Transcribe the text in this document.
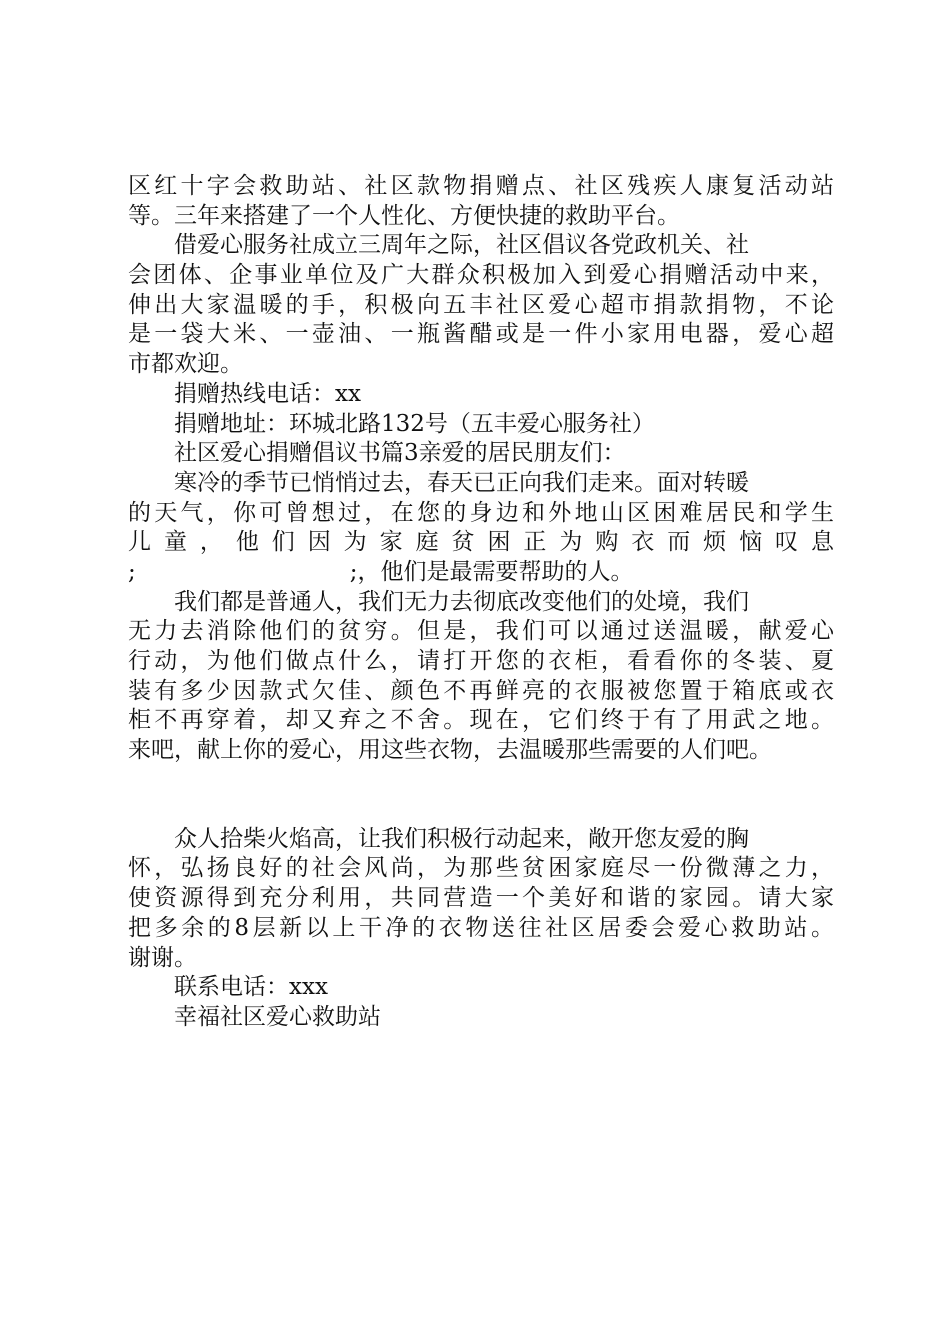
区红十字会救助站、社区款物捐赠点、社区残疾人康复活动站
等。三年来搭建了一个人性化、方便快捷的救助平台。
借爱心服务社成立三周年之际，社区倡议各党政机关、社
会团体、企事业单位及广大群众积极加入到爱心捐赠活动中来，
伸出大家温暖的手，积极向五丰社区爱心超市捐款捐物，不论
是一袋大米、一壶油、一瓶酱醋或是一件小家用电器，爱心超
市都欢迎。
捐赠热线电话：xx
捐赠地址：环城北路132号（五丰爱心服务社）
社区爱心捐赠倡议书篇3亲爱的居民朋友们：
寒冷的季节已悄悄过去，春天已正向我们走来。面对转暖
的天气，你可曾想过，在您的身边和外地山区困难居民和学生
儿童，他们因为家庭贫困正为购衣而烦恼叹息
;	;，他们是最需要帮助的人。
我们都是普通人，我们无力去彻底改变他们的处境，我们
无力去消除他们的贫穷。但是，我们可以通过送温暖，献爱心
行动，为他们做点什么，请打开您的衣柜，看看你的冬装、夏
装有多少因款式欠佳、颜色不再鲜亮的衣服被您置于箱底或衣
柜不再穿着，却又弃之不舍。现在，它们终于有了用武之地。
来吧，献上你的爱心，用这些衣物，去温暖那些需要的人们吧。
众人拾柴火焰高，让我们积极行动起来，敞开您友爱的胸
怀，弘扬良好的社会风尚，为那些贫困家庭尽一份微薄之力，
使资源得到充分利用，共同营造一个美好和谐的家园。请大家
把多余的8层新以上干净的衣物送往社区居委会爱心救助站。
谢谢。
联系电话：xxx
幸福社区爱心救助站
